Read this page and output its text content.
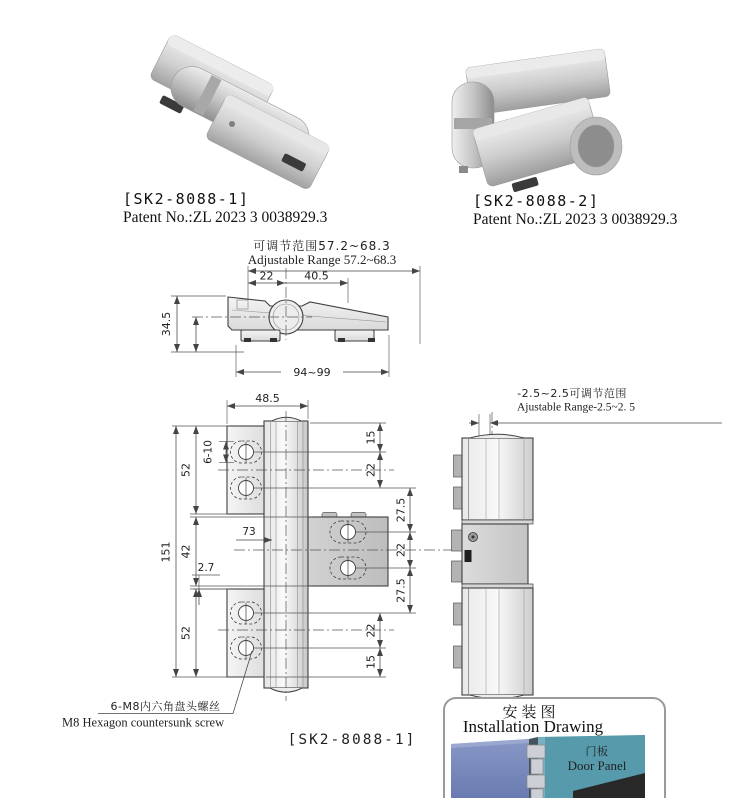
[SK2-8088-1]
Patent No.:ZL 2023 3 0038929.3
[SK2-8088-2]
Patent No.:ZL 2023 3 0038929.3
可调节范围57.2~68.3
Adjustable Range 57.2~68.3
22	40.5
34.5
94~99
48.5
151
52
42
52
6-10
2.7
73
15
22
27.5
22
27.5
22
15
6-M8内六角盘头螺丝
M8 Hexagon countersunk screw
[SK2-8088-1]
-2.5~2.5可调节范围
Ajustable Range-2.5~2. 5
安装图
Installation Drawing
门板
Door Panel
